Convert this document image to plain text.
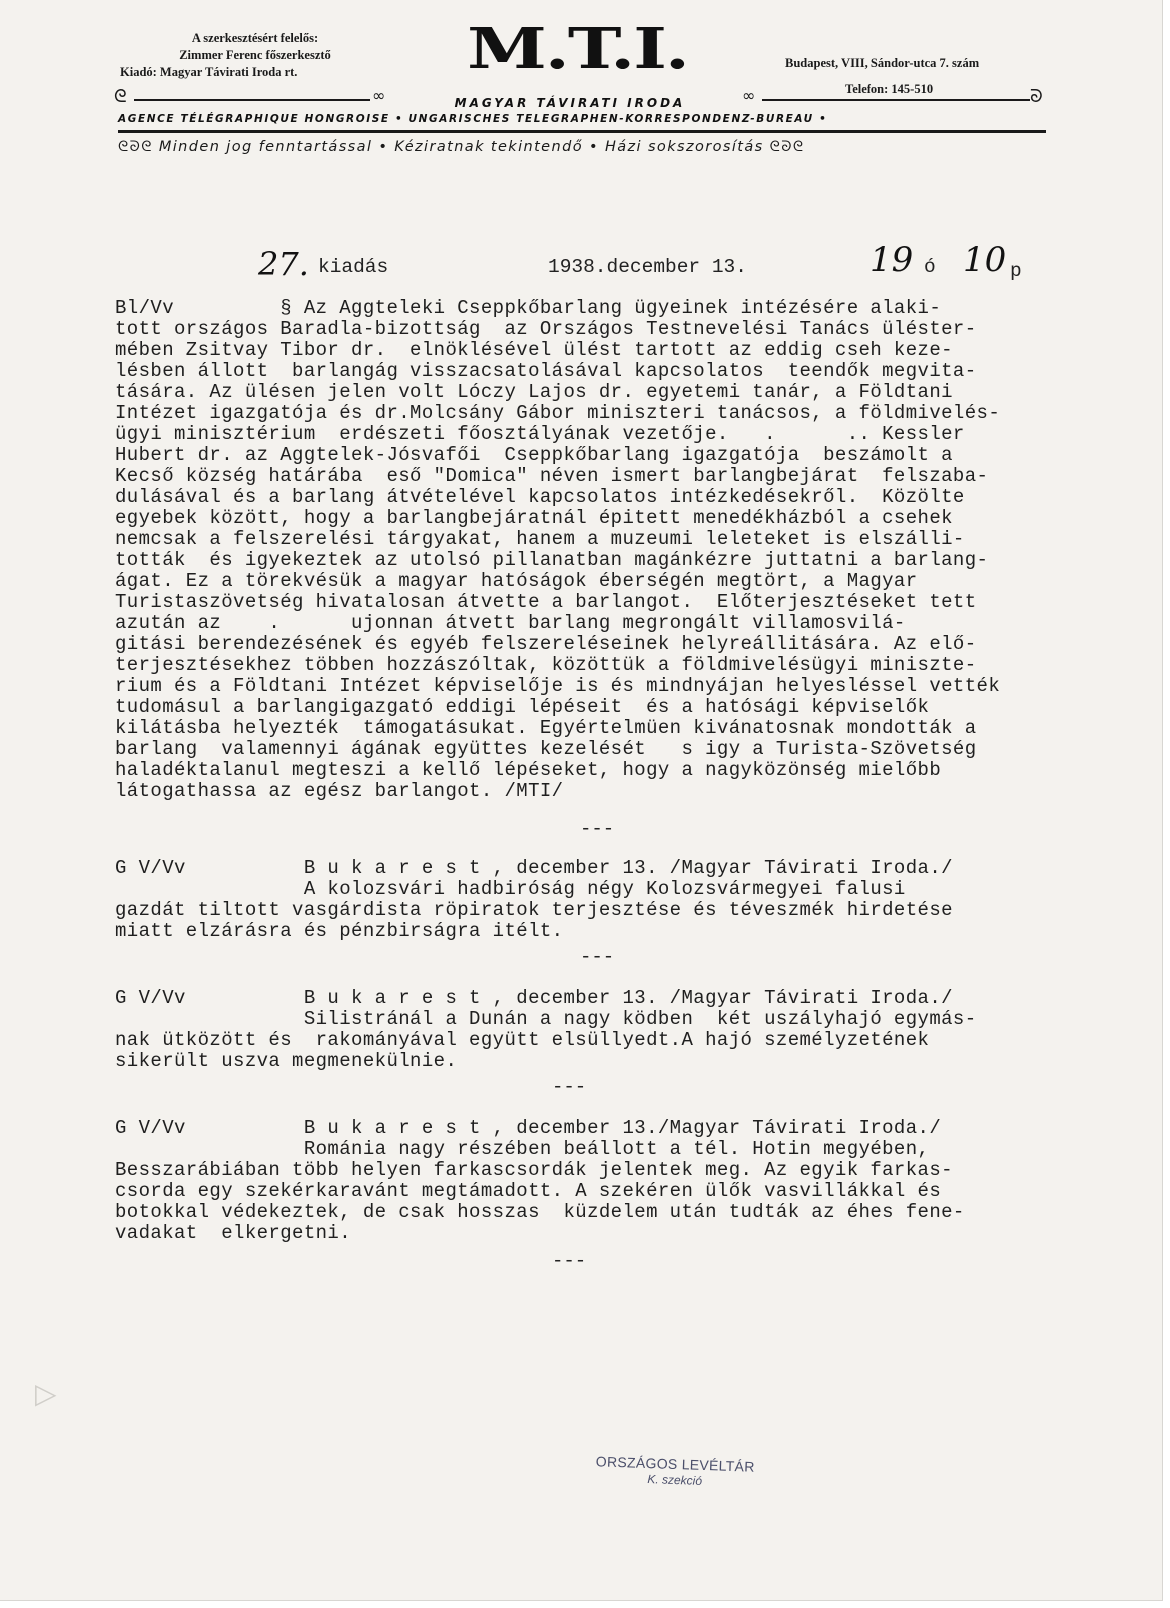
A szerkesztésért felelős:
Zimmer Ferenc főszerkesztő
Kiadó: Magyar Távirati Iroda rt.	M.T.I.	Budapest, VIII, Sándor-utca 7. szám
Telefon: 145-510
ᘓ	∞	MAGYAR TÁVIRATI IRODA	∞	ᘐ
AGENCE TÉLÉGRAPHIQUE HONGROISE • UNGARISCHES TELEGRAPHEN-KORRESPONDENZ-BUREAU •
ᘓᘐᘓ Minden jog fenntartással • Kéziratnak tekintendő • Házi sokszorosítás ᘓᘐᘓ
27. kiadás	1938.december 13.	19 ó 10 p
Bl/Vv         § Az Aggteleki Cseppkőbarlang ügyeinek intézésére alaki-
tott országos Baradla-bizottság  az Országos Testnevelési Tanács üléster-
mében Zsitvay Tibor dr.  elnöklésével ülést tartott az eddig cseh keze-
lésben állott  barlangág visszacsatolásával kapcsolatos  teendők megvita-
tására. Az ülésen jelen volt Lóczy Lajos dr. egyetemi tanár, a Földtani
Intézet igazgatója és dr.Molcsány Gábor miniszteri tanácsos, a földmivelés-
ügyi minisztérium  erdészeti főosztályának vezetője.   .      .. Kessler
Hubert dr. az Aggtelek-Jósvafői  Cseppkőbarlang igazgatója  beszámolt a
Kecső község határába  eső "Domica" néven ismert barlangbejárat  felszaba-
dulásával és a barlang átvételével kapcsolatos intézkedésekről.  Közölte
egyebek között, hogy a barlangbejáratnál épitett menedékházból a csehek
nemcsak a felszerelési tárgyakat, hanem a muzeumi leleteket is elszálli-
tották  és igyekeztek az utolsó pillanatban magánkézre juttatni a barlang-
ágat. Ez a törekvésük a magyar hatóságok éberségén megtört, a Magyar
Turistaszövetség hivatalosan átvette a barlangot.  Előterjesztéseket tett
azután az    .      ujonnan átvett barlang megrongált villamosvilá-
gitási berendezésének és egyéb felszereléseinek helyreállitására. Az elő-
terjesztésekhez többen hozzászóltak, közöttük a földmivelésügyi miniszte-
rium és a Földtani Intézet képviselője is és mindnyájan helyesléssel vették
tudomásul a barlangigazgató eddigi lépéseit  és a hatósági képviselők
kilátásba helyezték  támogatásukat. Egyértelmüen kivánatosnak mondották a
barlang  valamennyi ágának együttes kezelését   s igy a Turista-Szövetség
haladéktalanul megteszi a kellő lépéseket, hogy a nagyközönség mielőbb
látogathassa az egész barlangot. /MTI/
---
G V/Vv          B u k a r e s t , december 13. /Magyar Távirati Iroda./
A kolozsvári hadbiróság négy Kolozsvármegyei falusi
gazdát tiltott vasgárdista röpiratok terjesztése és téveszmék hirdetése
miatt elzárásra és pénzbirságra itélt.
---
G V/Vv          B u k a r e s t , december 13. /Magyar Távirati Iroda./
Silistránál a Dunán a nagy ködben  két uszályhajó egymás-
nak ütközött és  rakományával együtt elsüllyedt.A hajó személyzetének
sikerült uszva megmenekülnie.
---
G V/Vv          B u k a r e s t , december 13./Magyar Távirati Iroda./
Románia nagy részében beállott a tél. Hotin megyében,
Besszarábiában több helyen farkascsordák jelentek meg. Az egyik farkas-
csorda egy szekérkaravánt megtámadott. A szekéren ülők vasvillákkal és
botokkal védekeztek, de csak hosszas  küzdelem után tudták az éhes fene-
vadakat  elkergetni.
---
ORSZÁGOS LEVÉLTÁR
K. szekció
▷
